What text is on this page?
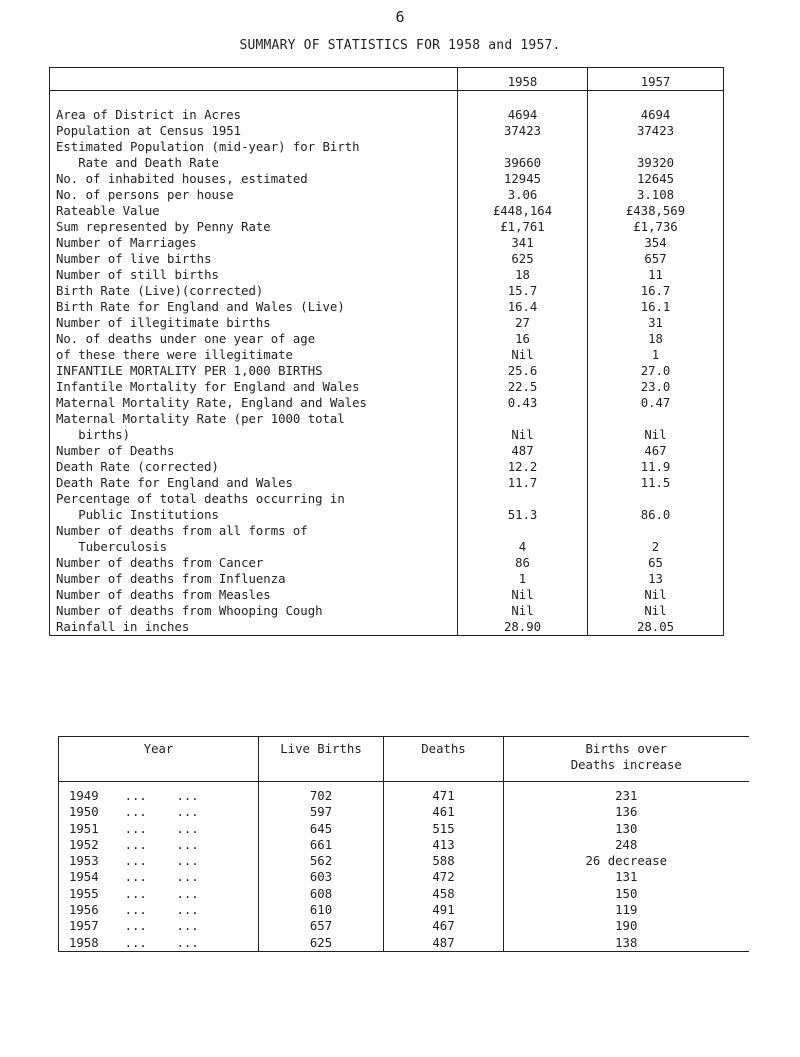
6
SUMMARY OF STATISTICS FOR 1958 and 1957.
	1958	1957

Area of District in Acres	4694	4694
Population at Census 1951	37423	37423
Estimated Population (mid-year) for Birth		
Rate and Death Rate	39660	39320
No. of inhabited houses, estimated	12945	12645
No. of persons per house	3.06	3.108
Rateable Value	£448,164	£438,569
Sum represented by Penny Rate	£1,761	£1,736
Number of Marriages	341	354
Number of live births	625	657
Number of still births	18	11
Birth Rate (Live)(corrected)	15.7	16.7
Birth Rate for England and Wales (Live)	16.4	16.1
Number of illegitimate births	27	31
No. of deaths under one year of age	16	18
of these there were illegitimate	Nil	1
INFANTILE MORTALITY PER 1,000 BIRTHS	25.6	27.0
Infantile Mortality for England and Wales	22.5	23.0
Maternal Mortality Rate, England and Wales	0.43	0.47
Maternal Mortality Rate (per 1000 total		
births)	Nil	Nil
Number of Deaths	487	467
Death Rate (corrected)	12.2	11.9
Death Rate for England and Wales	11.7	11.5
Percentage of total deaths occurring in		
Public Institutions	51.3	86.0
Number of deaths from all forms of		
Tuberculosis	4	2
Number of deaths from Cancer	86	65
Number of deaths from Influenza	1	13
Number of deaths from Measles	Nil	Nil
Number of deaths from Whooping Cough	Nil	Nil
Rainfall in inches	28.90	28.05
Year	Live Births	Deaths	Births over
Deaths increase

1949 ...    ...	702	471	231
1950 ...    ...	597	461	136
1951 ...    ...	645	515	130
1952 ...    ...	661	413	248
1953 ...    ...	562	588	26 decrease
1954 ...    ...	603	472	131
1955 ...    ...	608	458	150
1956 ...    ...	610	491	119
1957 ...    ...	657	467	190
1958 ...    ...	625	487	138
